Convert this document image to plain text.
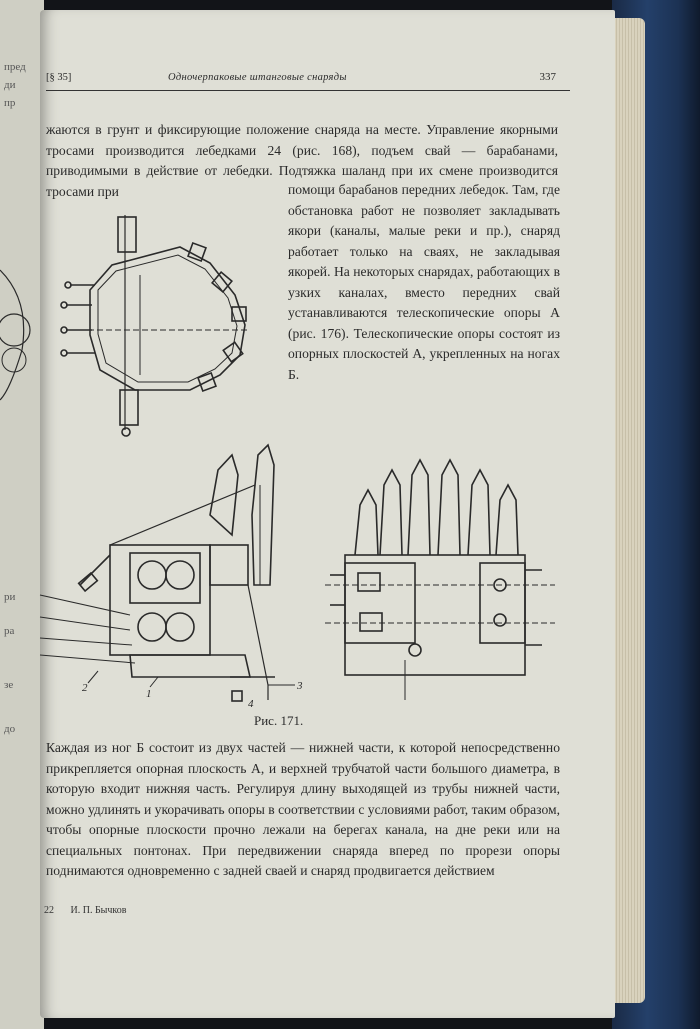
пред
ди
пр
ри
ра
зе
до
[§ 35]	Одночерпаковые штанговые снаряды	337

жаются в грунт и фиксирующие положение снаряда на месте. Управление якорными тросами производится лебедками 24 (рис. 168), подъем свай — барабанами, приводимыми в действие от лебедки. Подтяжка шаланд при их смене производится тросами при	помощи барабанов передних лебедок. Там, где обстановка работ не позволяет закладывать якори (каналы, малые реки и пр.), снаряд работает только на сваях, не закладывая якорей. На некоторых снарядах, работающих в узких каналах, вместо передних свай устанавливаются телескопические опоры А (рис. 176). Телескопические опоры состоят из опорных плоскостей А, укрепленных на ногах Б.

1
2	3
4
Рис. 171.

Каждая из ног Б состоит из двух частей — нижней части, к которой непосредственно прикрепляется опорная плоскость А, и верхней трубчатой части большого диаметра, в которую входит нижняя часть. Регулируя длину выходящей из трубы нижней части, можно удлинять и укорачивать опоры в соответствии с условиями работ, таким образом, чтобы опорные плоскости прочно лежали на берегах канала, на дне реки или на специальных понтонах. При передвижении снаряда вперед по прорези опоры поднимаются одновременно с задней сваей и снаряд продвигается действием

22 И. П. Бычков
